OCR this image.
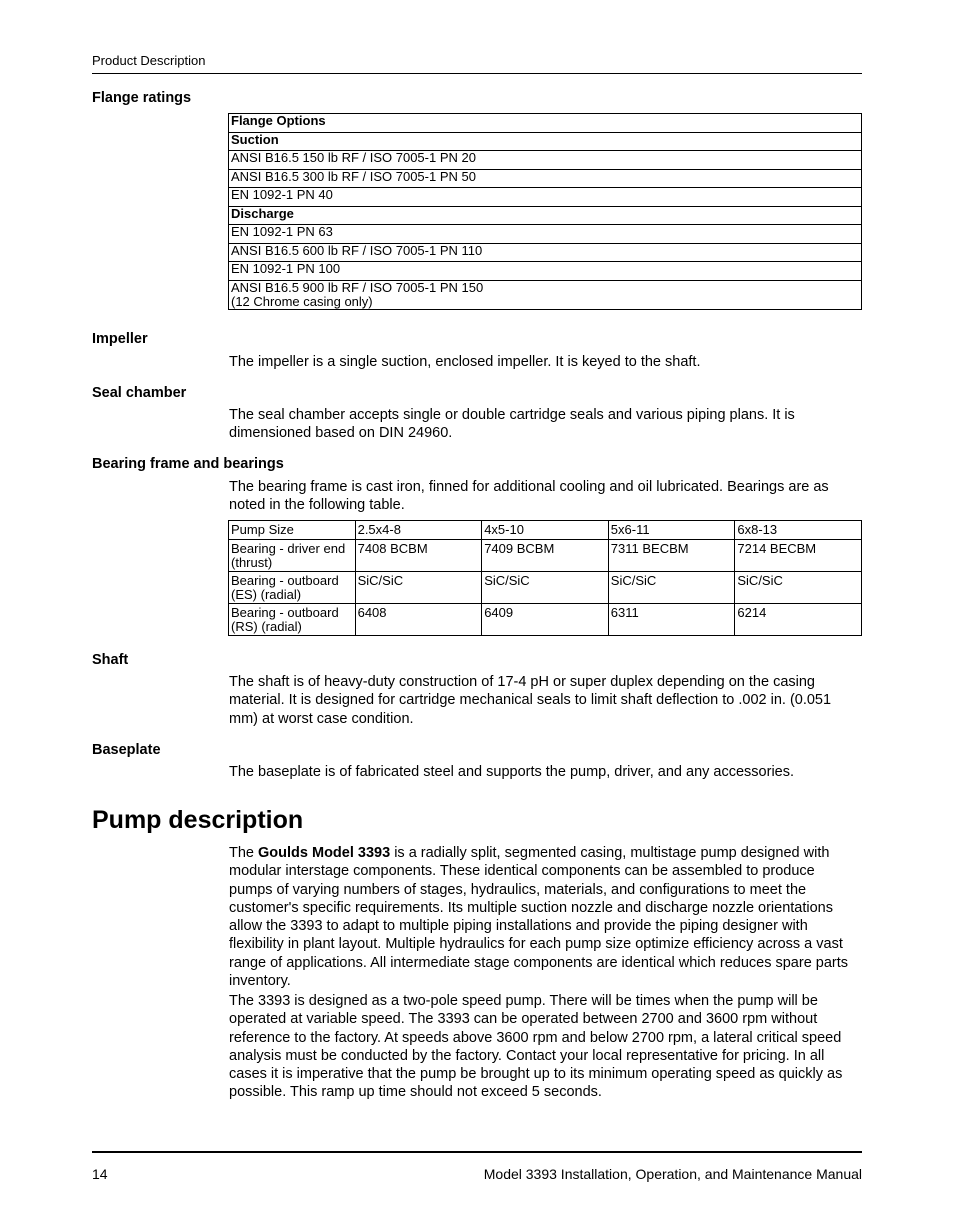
Product Description
Flange ratings
Flange Options
Suction
ANSI B16.5 150 lb RF / ISO 7005-1 PN 20
ANSI B16.5 300 lb RF / ISO 7005-1 PN 50
EN 1092-1 PN 40
Discharge
EN 1092-1 PN 63
ANSI B16.5 600 lb RF / ISO 7005-1 PN 110
EN 1092-1 PN 100
ANSI B16.5 900 lb RF / ISO 7005-1 PN 150
(12 Chrome casing only)
Impeller
The impeller is a single suction, enclosed impeller. It is keyed to the shaft.
Seal chamber
The seal chamber accepts single or double cartridge seals and various piping plans. It is dimensioned based on DIN 24960.
Bearing frame and bearings
The bearing frame is cast iron, finned for additional cooling and oil lubricated. Bearings are as noted in the following table.
Pump Size	2.5x4-8	4x5-10	5x6-11	6x8-13
Bearing - driver end (thrust)	7408 BCBM	7409 BCBM	7311 BECBM	7214 BECBM
Bearing - outboard (ES) (radial)	SiC/SiC	SiC/SiC	SiC/SiC	SiC/SiC
Bearing - outboard (RS) (radial)	6408	6409	6311	6214
Shaft
The shaft is of heavy-duty construction of 17-4 pH or super duplex depending on the casing material. It is designed for cartridge mechanical seals to limit shaft deflection to .002 in. (0.051 mm) at worst case condition.
Baseplate
The baseplate is of fabricated steel and supports the pump, driver, and any accessories.
Pump description
The Goulds Model 3393 is a radially split, segmented casing, multistage pump designed with modular interstage components. These identical components can be assembled to produce pumps of varying numbers of stages, hydraulics, materials, and configurations to meet the customer's specific requirements. Its multiple suction nozzle and discharge nozzle orientations allow the 3393 to adapt to multiple piping installations and provide the piping designer with flexibility in plant layout. Multiple hydraulics for each pump size optimize efficiency across a vast range of applications. All intermediate stage components are identical which reduces spare parts inventory.
The 3393 is designed as a two-pole speed pump. There will be times when the pump will be operated at variable speed. The 3393 can be operated between 2700 and 3600 rpm without reference to the factory. At speeds above 3600 rpm and below 2700 rpm, a lateral critical speed analysis must be conducted by the factory. Contact your local representative for pricing. In all cases it is imperative that the pump be brought up to its minimum operating speed as quickly as possible. This ramp up time should not exceed 5 seconds.
14	Model 3393 Installation, Operation, and Maintenance Manual
